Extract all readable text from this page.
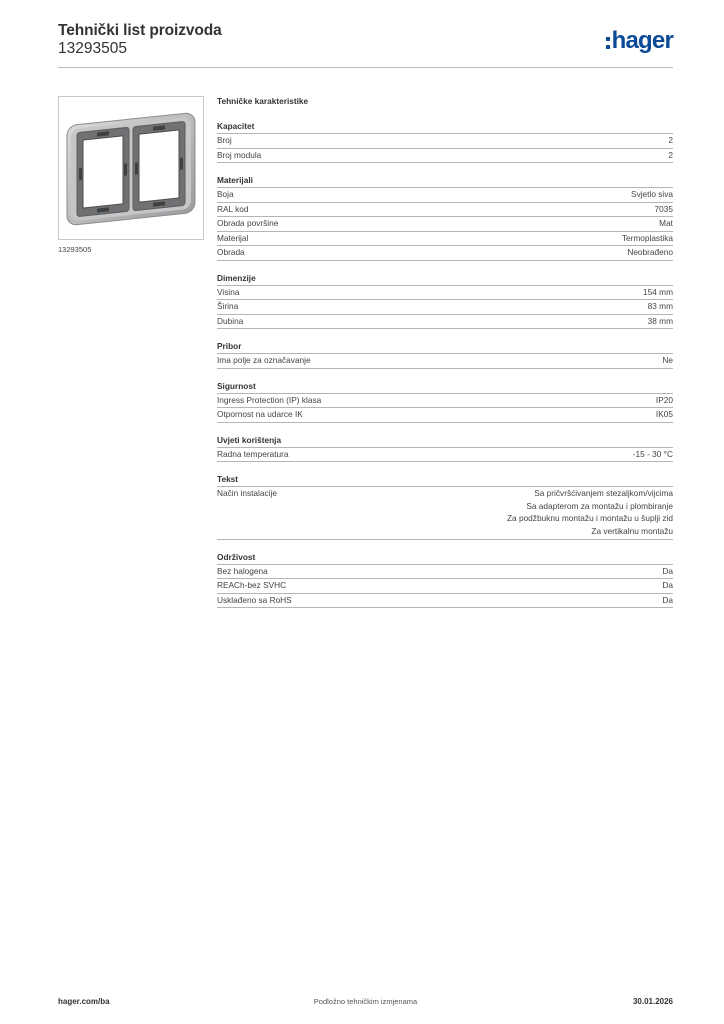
Tehnički list proizvoda
13293505	hager
13293505
Tehničke karakteristike
Kapacitet
Broj	2
Broj modula	2
Materijali
Boja	Svjetlo siva
RAL kod	7035
Obrada površine	Mat
Materijal	Termoplastika
Obrada	Neobrađeno
Dimenzije
Visina	154 mm
Širina	83 mm
Dubina	38 mm
Pribor
Ima polje za označavanje	Ne
Sigurnost
Ingress Protection (IP) klasa	IP20
Otpornost na udarce IK	IK05
Uvjeti korištenja
Radna temperatura	-15 - 30 °C
Tekst
Način instalacije	Sa pričvršćivanjem stezaljkom/vijcima
Sa adapterom za montažu i plombiranje
Za podžbuknu montažu i montažu u šuplji zid
Za vertikalnu montažu
Održivost
Bez halogena	Da
REACh-bez SVHC	Da
Usklađeno sa RoHS	Da
hager.com/ba	Podložno tehničkim izmjenama	30.01.2026
